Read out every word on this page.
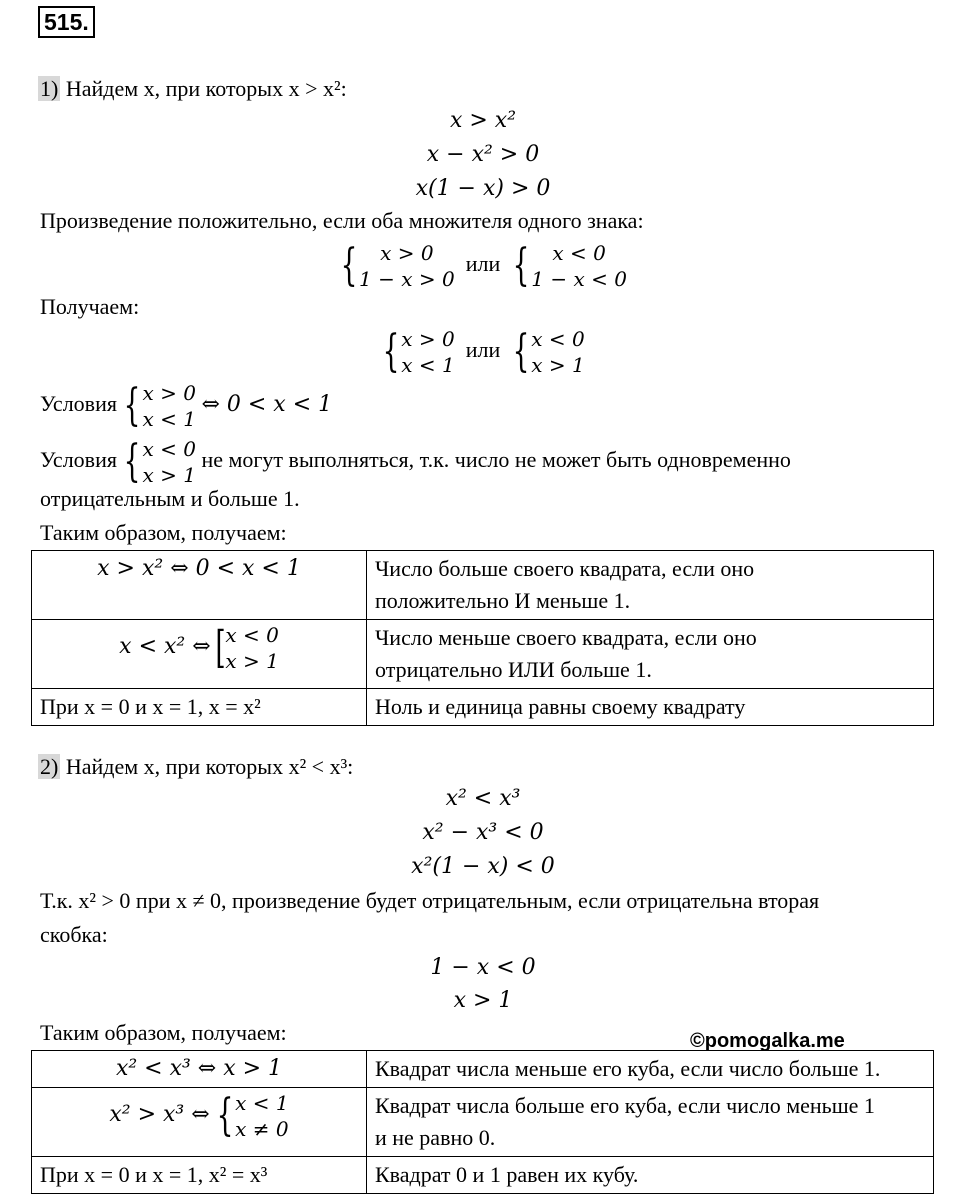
515.
1) Найдем x, при которых x > x²:
x > x²
x − x² > 0
x(1 − x) > 0
Произведение положительно, если оба множителя одного знака:
{	x > 0
1 − x > 0
или {	x < 0
1 − x < 0
Получаем:
{ x > 0
x < 1
или { x < 0
x > 1
Условия { x > 0
x < 1
⇔ 0 < x < 1
Условия { x < 0
x > 1
не могут выполняться, т.к. число не может быть одновременно
отрицательным и больше 1.
Таким образом, получаем:
x > x² ⇔ 0 < x < 1	Число больше своего квадрата, если оно
положительно И меньше 1.
x < x² ⇔ [ x < 0
x > 1	Число меньше своего квадрата, если оно
отрицательно ИЛИ больше 1.
При x = 0 и x = 1, x = x²	Ноль и единица равны своему квадрату
2) Найдем x, при которых x² < x³:
x² < x³
x² − x³ < 0
x²(1 − x) < 0
Т.к. x² > 0 при x ≠ 0, произведение будет отрицательным, если отрицательна вторая
скобка:
1 − x < 0
x > 1
Таким образом, получаем:	©pomogalka.me
x² < x³ ⇔ x > 1	Квадрат числа меньше его куба, если число больше 1.
x² > x³ ⇔ { x < 1
x ≠ 0	Квадрат числа больше его куба, если число меньше 1
и не равно 0.
При x = 0 и x = 1, x² = x³	Квадрат 0 и 1 равен их кубу.
